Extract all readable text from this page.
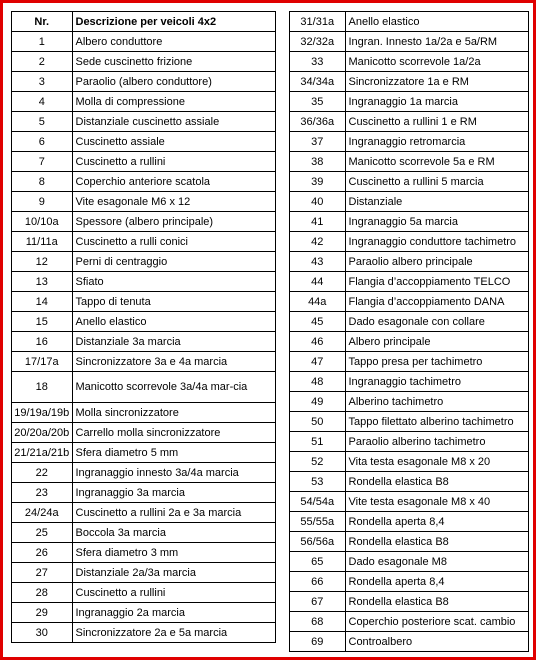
Nr.	Descrizione per veicoli 4x2
1	Albero conduttore
2	Sede cuscinetto frizione
3	Paraolio (albero conduttore)
4	Molla di compressione
5	Distanziale cuscinetto assiale
6	Cuscinetto assiale
7	Cuscinetto a rullini
8	Coperchio anteriore scatola
9	Vite esagonale M6 x 12
10/10a	Spessore (albero principale)
11/11a	Cuscinetto a rulli conici
12	Perni di centraggio
13	Sfiato
14	Tappo di tenuta
15	Anello elastico
16	Distanziale 3a marcia
17/17a	Sincronizzatore 3a e 4a marcia
18	Manicotto scorrevole 3a/4a mar-cia
19/19a/19b	Molla sincronizzatore
20/20a/20b	Carrello molla sincronizzatore
21/21a/21b	Sfera diametro 5 mm
22	Ingranaggio innesto 3a/4a marcia
23	Ingranaggio 3a marcia
24/24a	Cuscinetto a rullini 2a e 3a marcia
25	Boccola 3a marcia
26	Sfera diametro 3 mm
27	Distanziale 2a/3a marcia
28	Cuscinetto a rullini
29	Ingranaggio 2a marcia
30	Sincronizzatore 2a e 5a marcia
31/31a	Anello elastico
32/32a	Ingran. Innesto 1a/2a e 5a/RM
33	Manicotto scorrevole 1a/2a
34/34a	Sincronizzatore 1a e RM
35	Ingranaggio 1a marcia
36/36a	Cuscinetto a rullini 1 e RM
37	Ingranaggio retromarcia
38	Manicotto scorrevole 5a e RM
39	Cuscinetto a rullini 5 marcia
40	Distanziale
41	Ingranaggio 5a marcia
42	Ingranaggio conduttore tachimetro
43	Paraolio albero principale
44	Flangia d’accoppiamento TELCO
44a	Flangia d’accoppiamento DANA
45	Dado esagonale con collare
46	Albero principale
47	Tappo presa per tachimetro
48	Ingranaggio tachimetro
49	Alberino tachimetro
50	Tappo filettato alberino tachimetro
51	Paraolio alberino tachimetro
52	Vita testa esagonale M8 x 20
53	Rondella elastica B8
54/54a	Vite testa esagonale M8 x 40
55/55a	Rondella aperta 8,4
56/56a	Rondella elastica B8
65	Dado esagonale M8
66	Rondella aperta 8,4
67	Rondella elastica B8
68	Coperchio posteriore scat. cambio
69	Controalbero
